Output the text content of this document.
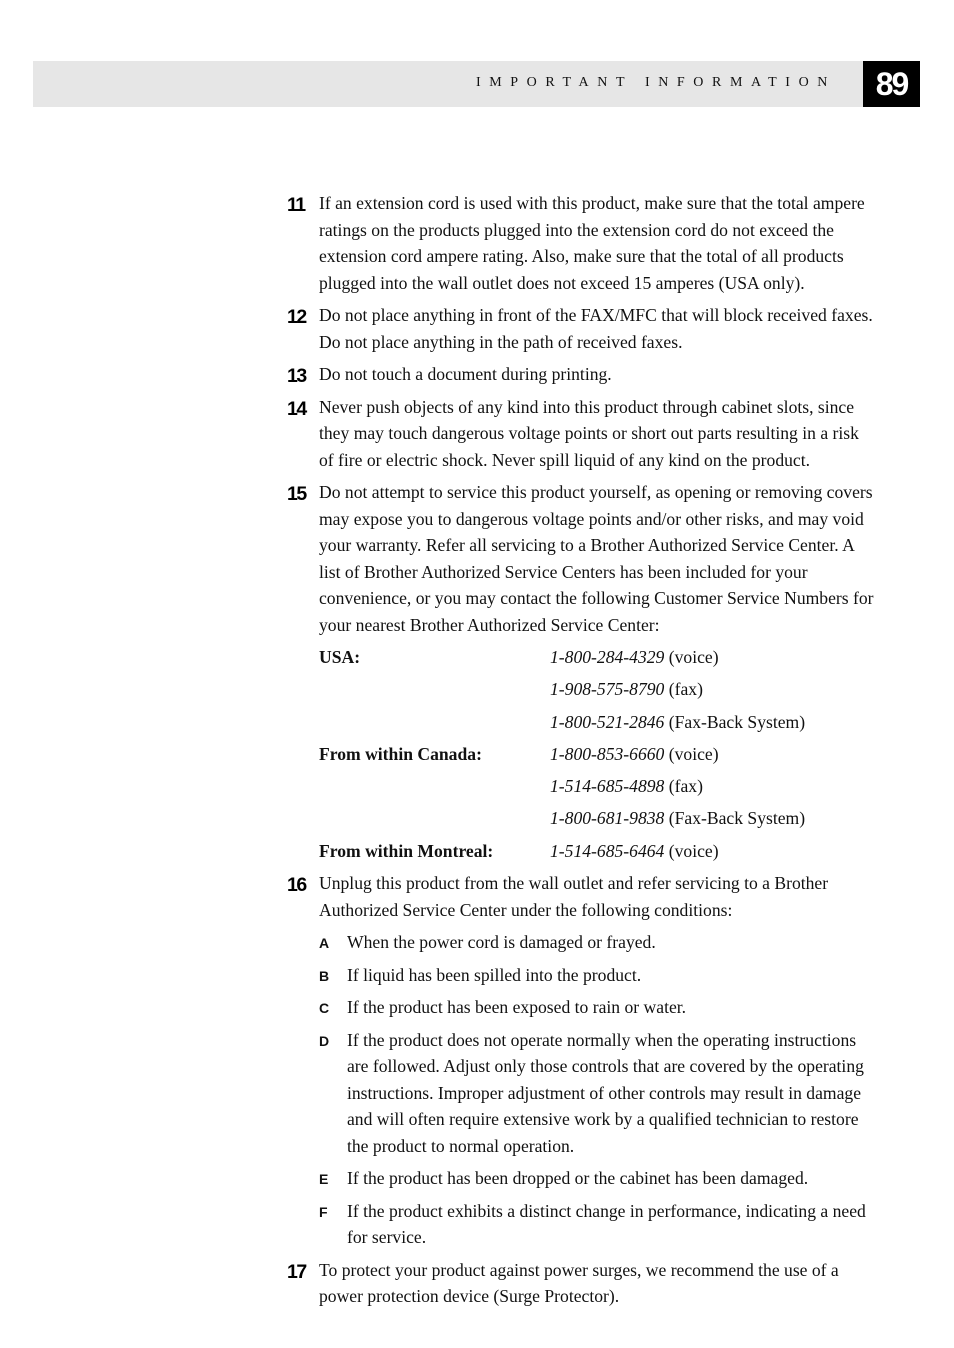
IMPORTANT INFORMATION	89
11 If an extension cord is used with this product, make sure that the total ampere ratings on the products plugged into the extension cord do not exceed the extension cord ampere rating. Also, make sure that the total of all products plugged into the wall outlet does not exceed 15 amperes (USA only).
12 Do not place anything in front of the FAX/MFC that will block received faxes. Do not place anything in the path of received faxes.
13 Do not touch a document during printing.
14 Never push objects of any kind into this product through cabinet slots, since they may touch dangerous voltage points or short out parts resulting in a risk of fire or electric shock. Never spill liquid of any kind on the product.
15 Do not attempt to service this product yourself, as opening or removing covers may expose you to dangerous voltage points and/or other risks, and may void your warranty. Refer all servicing to a Brother Authorized Service Center. A list of Brother Authorized Service Centers has been included for your convenience, or you may contact the following Customer Service Numbers for your nearest Brother Authorized Service Center:
USA:	1-800-284-4329 (voice)
1-908-575-8790 (fax)
1-800-521-2846 (Fax-Back System)
From within Canada:	1-800-853-6660 (voice)
1-514-685-4898 (fax)
1-800-681-9838 (Fax-Back System)
From within Montreal:	1-514-685-6464 (voice)
16 Unplug this product from the wall outlet and refer servicing to a Brother Authorized Service Center under the following conditions:
A When the power cord is damaged or frayed.
B If liquid has been spilled into the product.
C If the product has been exposed to rain or water.
D If the product does not operate normally when the operating instructions are followed. Adjust only those controls that are covered by the operating instructions. Improper adjustment of other controls may result in damage and will often require extensive work by a qualified technician to restore the product to normal operation.
E If the product has been dropped or the cabinet has been damaged.
F If the product exhibits a distinct change in performance, indicating a need for service.
17 To protect your product against power surges, we recommend the use of a power protection device (Surge Protector).
